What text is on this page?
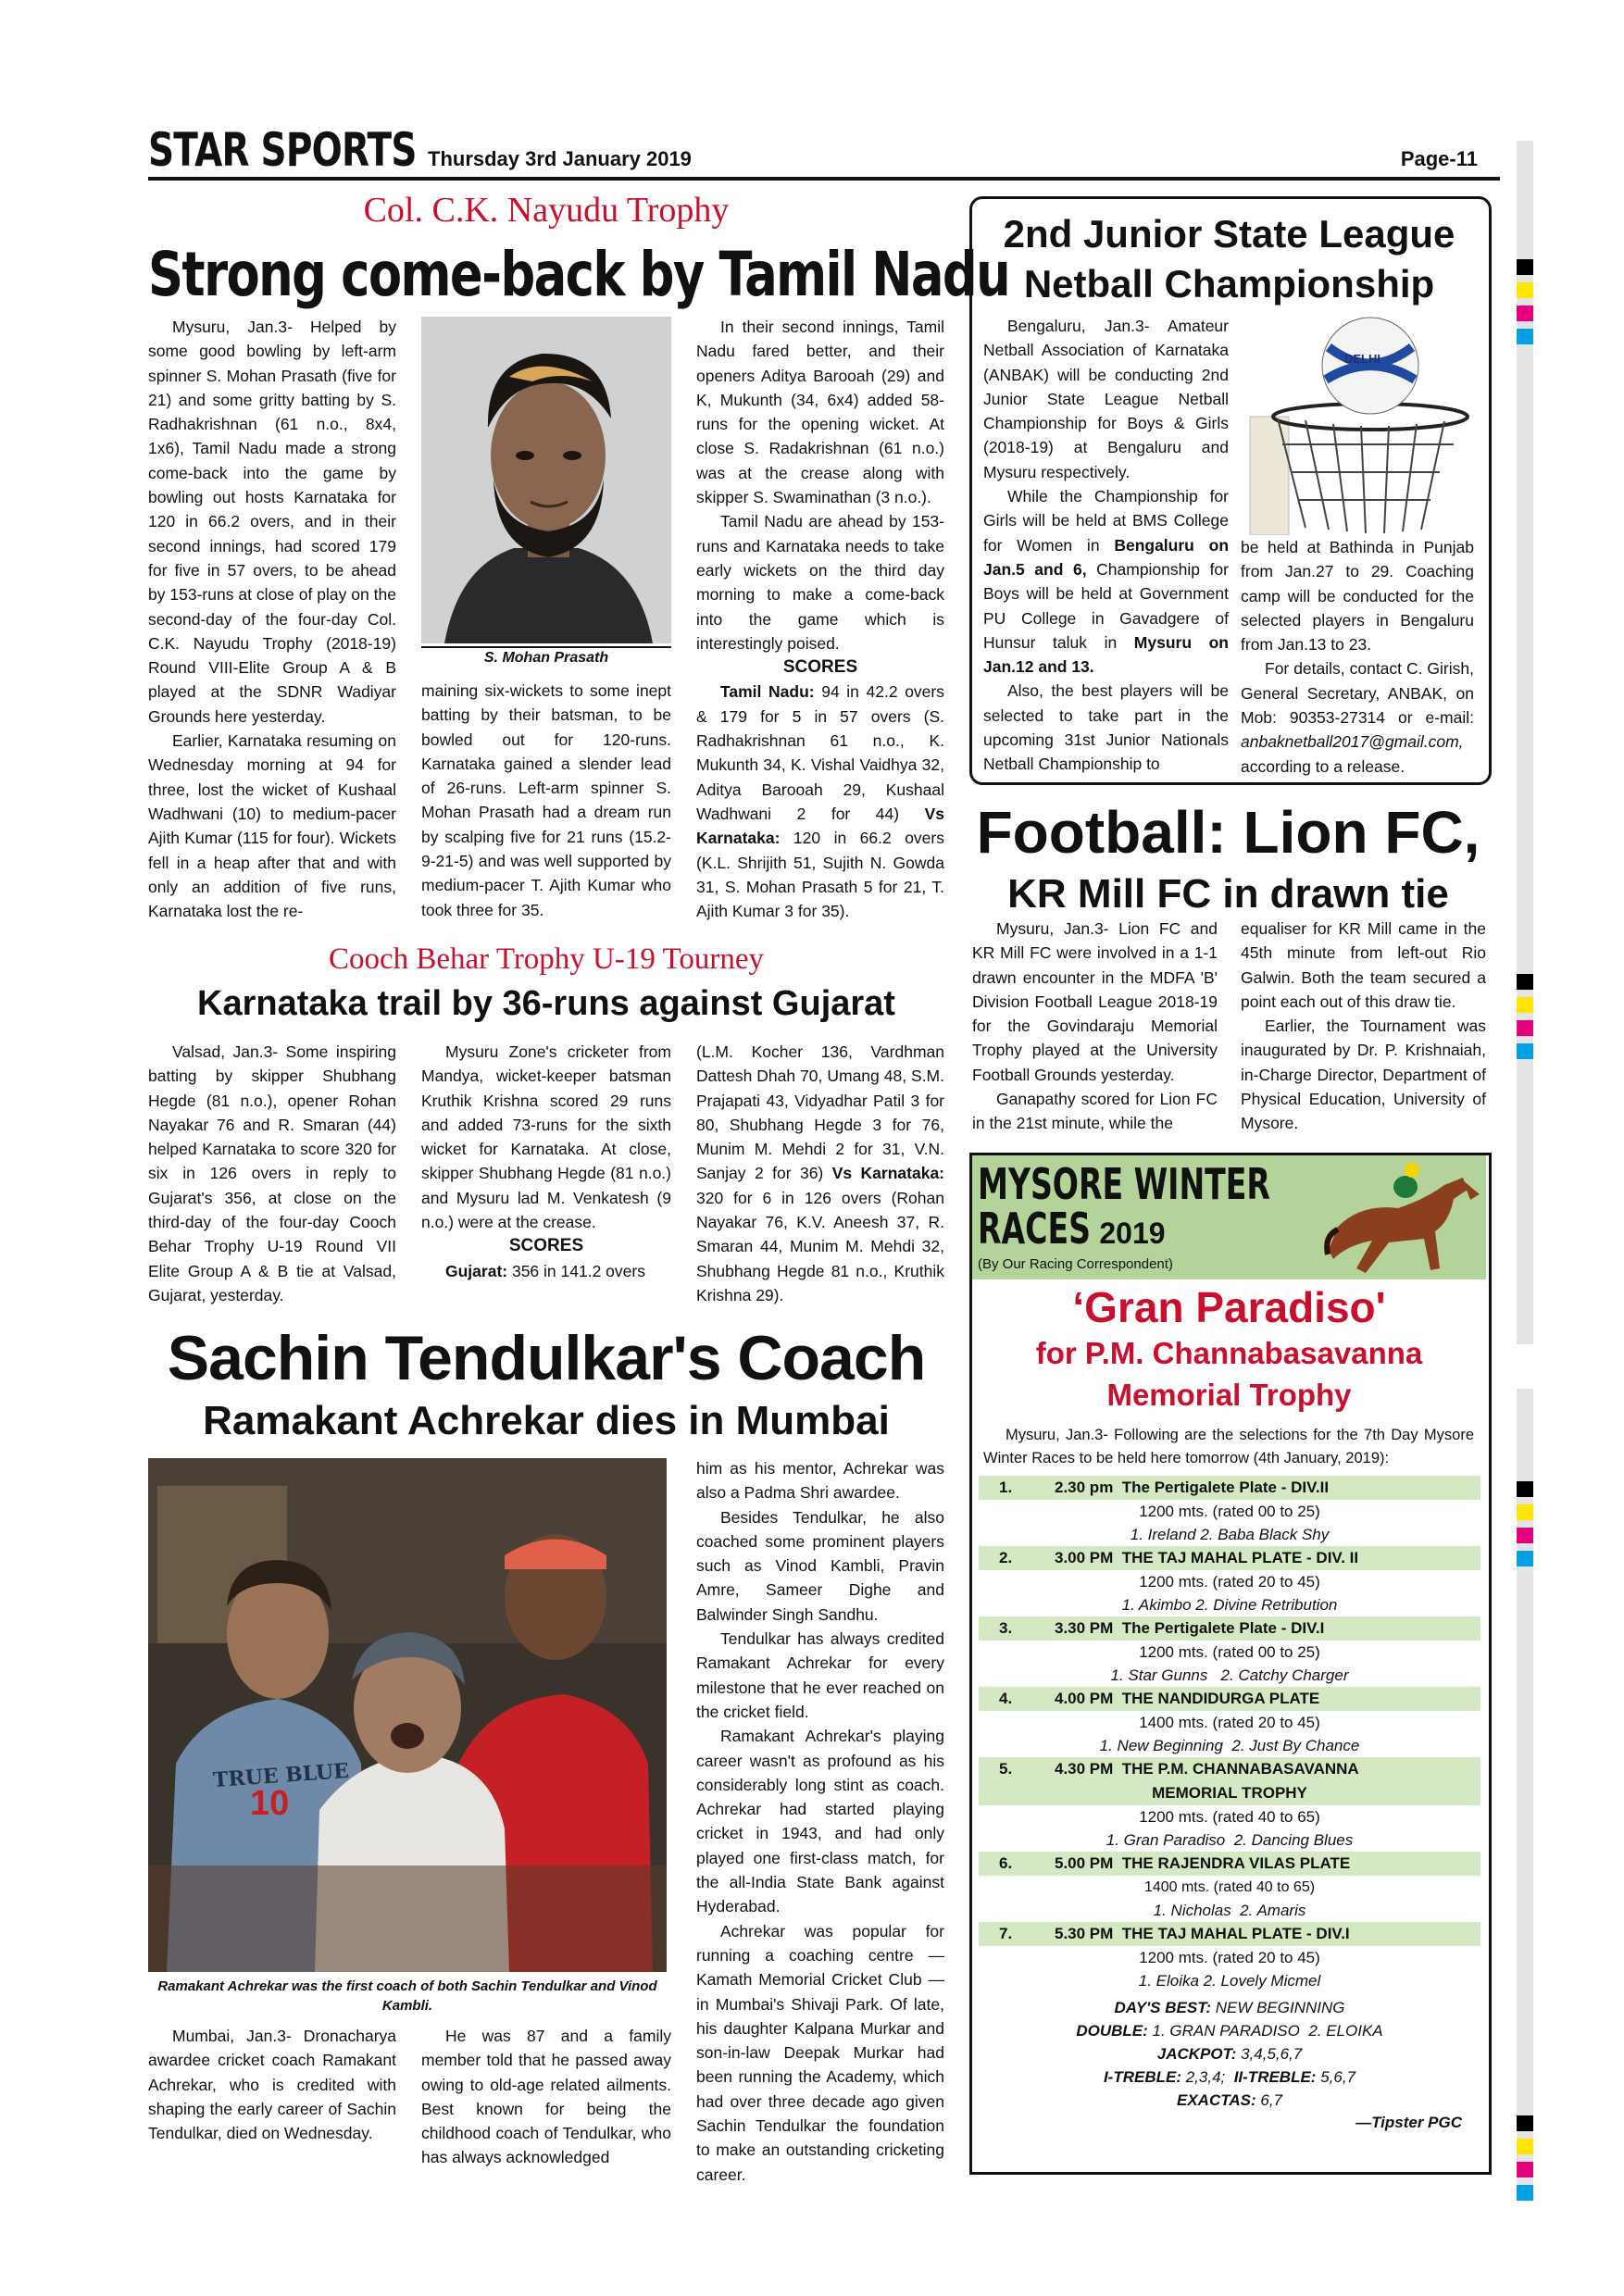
STAR SPORTS Thursday 3rd January 2019	Page-11
Col. C.K. Nayudu Trophy
Strong come-back by Tamil Nadu

Mysuru, Jan.3- Helped by some good bowling by left-arm spinner S. Mohan Prasath (five for 21) and some gritty batting by S. Radhakrishnan (61 n.o., 8x4, 1x6), Tamil Nadu made a strong come-back into the game by bowling out hosts Karnataka for 120 in 66.2 overs, and in their second innings, had scored 179 for five in 57 overs, to be ahead by 153-runs at close of play on the second-day of the four-day Col. C.K. Nayudu Trophy (2018-19) Round VIII-Elite Group A & B played at the SDNR Wadiyar Grounds here yesterday.

Earlier, Karnataka resuming on Wednesday morning at 94 for three, lost the wicket of Kushaal Wadhwani (10) to medium-pacer Ajith Kumar (115 for four). Wickets fell in a heap after that and with only an addition of five runs, Karnataka lost the re-

S. Mohan Prasath

maining six-wickets to some inept batting by their batsman, to be bowled out for 120-runs. Karnataka gained a slender lead of 26-runs. Left-arm spinner S. Mohan Prasath had a dream run by scalping five for 21 runs (15.2-9-21-5) and was well supported by medium-pacer T. Ajith Kumar who took three for 35.

In their second innings, Tamil Nadu fared better, and their openers Aditya Barooah (29) and K, Mukunth (34, 6x4) added 58-runs for the opening wicket. At close S. Radakrishnan (61 n.o.) was at the crease along with skipper S. Swaminathan (3 n.o.).

Tamil Nadu are ahead by 153-runs and Karnataka needs to take early wickets on the third day morning to make a come-back into the game which is interestingly poised.

SCORES

Tamil Nadu: 94 in 42.2 overs & 179 for 5 in 57 overs (S. Radhakrishnan 61 n.o., K. Mukunth 34, K. Vishal Vaidhya 32, Aditya Barooah 29, Kushaal Wadhwani 2 for 44) Vs Karnataka: 120 in 66.2 overs (K.L. Shrijith 51, Sujith N. Gowda 31, S. Mohan Prasath 5 for 21, T. Ajith Kumar 3 for 35).

Cooch Behar Trophy U-19 Tourney
Karnataka trail by 36-runs against Gujarat

Valsad, Jan.3- Some inspiring batting by skipper Shubhang Hegde (81 n.o.), opener Rohan Nayakar 76 and R. Smaran (44) helped Karnataka to score 320 for six in 126 overs in reply to Gujarat's 356, at close on the third-day of the four-day Cooch Behar Trophy U-19 Round VII Elite Group A & B tie at Valsad, Gujarat, yesterday.

Mysuru Zone's cricketer from Mandya, wicket-keeper batsman Kruthik Krishna scored 29 runs and added 73-runs for the sixth wicket for Karnataka. At close, skipper Shubhang Hegde (81 n.o.) and Mysuru lad M. Venkatesh (9 n.o.) were at the crease.

SCORES

Gujarat: 356 in 141.2 overs

(L.M. Kocher 136, Vardhman Dattesh Dhah 70, Umang 48, S.M. Prajapati 43, Vidyadhar Patil 3 for 80, Shubhang Hegde 3 for 76, Munim M. Mehdi 2 for 31, V.N. Sanjay 2 for 36) Vs Karnataka: 320 for 6 in 126 overs (Rohan Nayakar 76, K.V. Aneesh 37, R. Smaran 44, Munim M. Mehdi 32, Shubhang Hegde 81 n.o., Kruthik Krishna 29).

Sachin Tendulkar's Coach
Ramakant Achrekar dies in Mumbai
TRUE BLUE
10
Ramakant Achrekar was the first coach of both Sachin Tendulkar and Vinod Kambli.

Mumbai, Jan.3- Dronacharya awardee cricket coach Ramakant Achrekar, who is credited with shaping the early career of Sachin Tendulkar, died on Wednesday.

He was 87 and a family member told that he passed away owing to old-age related ailments. Best known for being the childhood coach of Tendulkar, who has always acknowledged

him as his mentor, Achrekar was also a Padma Shri awardee.

Besides Tendulkar, he also coached some prominent players such as Vinod Kambli, Pravin Amre, Sameer Dighe and Balwinder Singh Sandhu.

Tendulkar has always credited Ramakant Achrekar for every milestone that he ever reached on the cricket field.

Ramakant Achrekar's playing career wasn't as profound as his considerably long stint as coach. Achrekar had started playing cricket in 1943, and had only played one first-class match, for the all-India State Bank against Hyderabad.

Achrekar was popular for running a coaching centre — Kamath Memorial Cricket Club — in Mumbai's Shivaji Park. Of late, his daughter Kalpana Murkar and son-in-law Deepak Murkar had been running the Academy, which had over three decade ago given Sachin Tendulkar the foundation to make an outstanding cricketing career.

2nd Junior State League
Netball Championship
DELHI

Bengaluru, Jan.3- Amateur Netball Association of Karnataka (ANBAK) will be conducting 2nd Junior State League Netball Championship for Boys & Girls (2018-19) at Bengaluru and Mysuru respectively.

While the Championship for Girls will be held at BMS College for Women in Bengaluru on Jan.5 and 6, Championship for Boys will be held at Government PU College in Gavadgere of Hunsur taluk in Mysuru on Jan.12 and 13.

Also, the best players will be selected to take part in the upcoming 31st Junior Nationals Netball Championship to

be held at Bathinda in Punjab from Jan.27 to 29. Coaching camp will be conducted for the selected players in Bengaluru from Jan.13 to 23.

For details, contact C. Girish, General Secretary, ANBAK, on Mob: 90353-27314 or e-mail: anbaknetball2017@gmail.com, according to a release.

Football: Lion FC,
KR Mill FC in drawn tie

Mysuru, Jan.3- Lion FC and KR Mill FC were involved in a 1-1 drawn encounter in the MDFA 'B' Division Football League 2018-19 for the Govindaraju Memorial Trophy played at the University Football Grounds yesterday.

Ganapathy scored for Lion FC in the 21st minute, while the

equaliser for KR Mill came in the 45th minute from left-out Rio Galwin. Both the team secured a point each out of this draw tie.

Earlier, the Tournament was inaugurated by Dr. P. Krishnaiah, in-Charge Director, Department of Physical Education, University of Mysore.

MYSORE WINTER
RACES 2019
(By Our Racing Correspondent)
‘Gran Paradiso'
for P.M. Channabasavanna
Memorial Trophy
Mysuru, Jan.3- Following are the selections for the 7th Day Mysore Winter Races to be held here tomorrow (4th January, 2019):
1.	2.30 pm  The Pertigalete Plate - DIV.II
1200 mts. (rated 00 to 25)
1. Ireland 2. Baba Black Shy
2.	3.00 PM  THE TAJ MAHAL PLATE - DIV. II
1200 mts. (rated 20 to 45)
1. Akimbo 2. Divine Retribution
3.	3.30 PM  The Pertigalete Plate - DIV.I
1200 mts. (rated 00 to 25)
1. Star Gunns   2. Catchy Charger
4.	4.00 PM  THE NANDIDURGA PLATE
1400 mts. (rated 20 to 45)
1. New Beginning  2. Just By Chance
5.	4.30 PM  THE P.M. CHANNABASAVANNA
MEMORIAL TROPHY
1200 mts. (rated 40 to 65)
1. Gran Paradiso  2. Dancing Blues
6.	5.00 PM  THE RAJENDRA VILAS PLATE
1400 mts. (rated 40 to 65)
1. Nicholas  2. Amaris
7.	5.30 PM  THE TAJ MAHAL PLATE - DIV.I
1200 mts. (rated 20 to 45)
1. Eloika 2. Lovely Micmel
DAY'S BEST: NEW BEGINNING
DOUBLE: 1. GRAN PARADISO  2. ELOIKA
JACKPOT: 3,4,5,6,7
I-TREBLE: 2,3,4;  II-TREBLE: 5,6,7
EXACTAS: 6,7
—Tipster PGC
